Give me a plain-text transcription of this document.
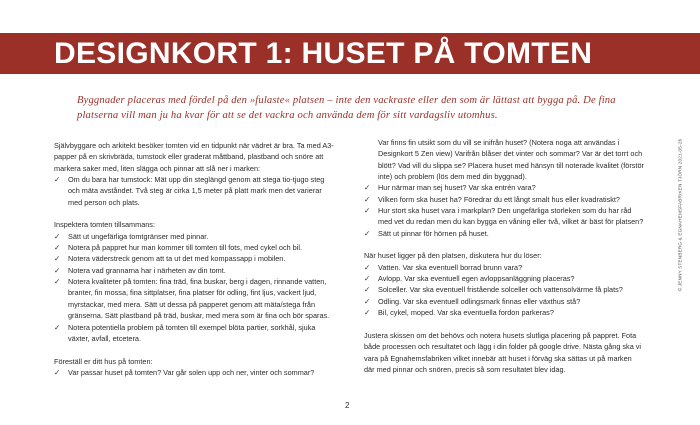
DESIGNKORT 1: HUSET PÅ TOMTEN

Byggnader placeras med fördel på den »fulaste« platsen – inte den vackraste eller den som är lättast att bygga på. De fina platserna vill man ju ha kvar för att se det vackra och använda dem för sitt vardagsliv utomhus.

Självbyggare och arkitekt besöker tomten vid en tidpunkt när vädret är bra. Ta med A3-papper på en skrivbräda, tumstock eller graderat måttband, plastband och snöre att markera saker med, liten slägga och pinnar att slå ner i marken:

✓ Om du bara har tumstock: Mät upp din steglängd genom att stega tio-tjugo steg och mäta avståndet. Två steg är cirka 1,5 meter på platt mark men det varierar med person och plats.

Inspektera tomten tillsammans:

✓ Sätt ut ungefärliga tomtgränser med pinnar.
✓ Notera på pappret hur man kommer till tomten till fots, med cykel och bil.
✓ Notera väderstreck genom att ta ut det med kompassapp i mobilen.
✓ Notera vad grannarna har i närheten av din tomt.
✓ Notera kvaliteter på tomten: fina träd, fina buskar, berg i dagen, rinnande vatten, branter, fin mossa, fina sittplatser, fina platser för odling, fint ljus, vackert ljud, myrstackar, med mera. Sätt ut dessa på papperet genom att mäta/stega från gränserna. Sätt plastband på träd, buskar, med mera som är fina och bör sparas.
✓ Notera potentiella problem på tomten till exempel blöta partier, sorkhål, sjuka växter, avfall, etcetera.

Föreställ er ditt hus på tomten:

✓ Var passar huset på tomten? Var går solen upp och ner, vinter och sommar?

Var finns fin utsikt som du vill se inifrån huset? (Notera noga att användas i Designkort 5 Zen view) Varifrån blåser det vinter och sommar? Var är det torrt och blött? Vad vill du slippa se? Placera huset med hänsyn till noterade kvalitet (förstör inte) och problem (lös dem med din byggnad).

✓ Hur närmar man sej huset? Var ska entrén vara?
✓ Vilken form ska huset ha? Föredrar du ett långt smalt hus eller kvadratiskt?
✓ Hur stort ska huset vara i markplan? Den ungefärliga storleken som du har råd med vet du redan men du kan bygga en våning eller två, vilket är bäst för platsen?
✓ Sätt ut pinnar för hörnen på huset.

När huset ligger på den platsen, diskutera hur du löser:

✓ Vatten. Var ska eventuell borrad brunn vara?
✓ Avlopp. Var ska eventuell egen avloppsanläggning placeras?
✓ Solceller. Var ska eventuell fristående solceller och vattensolvärme få plats?
✓ Odling. Var ska eventuell odlingsmark finnas eller växthus stå?
✓ Bil, cykel, moped. Var ska eventuella fordon parkeras?

Justera skissen om det behövs och notera husets slutliga placering på pappret. Fota både processen och resultatet och lägg i din folder på google drive. Nästa gång ska vi vara på Egnahemsfabriken vilket innebär att huset i förväg ska sättas ut på marken där med pinnar och snören, precis så som resultatet blev idag.

2
© JENNY STENBERG & EGNAHEMSFABRIKEN TJÖRN 2021-05-26
